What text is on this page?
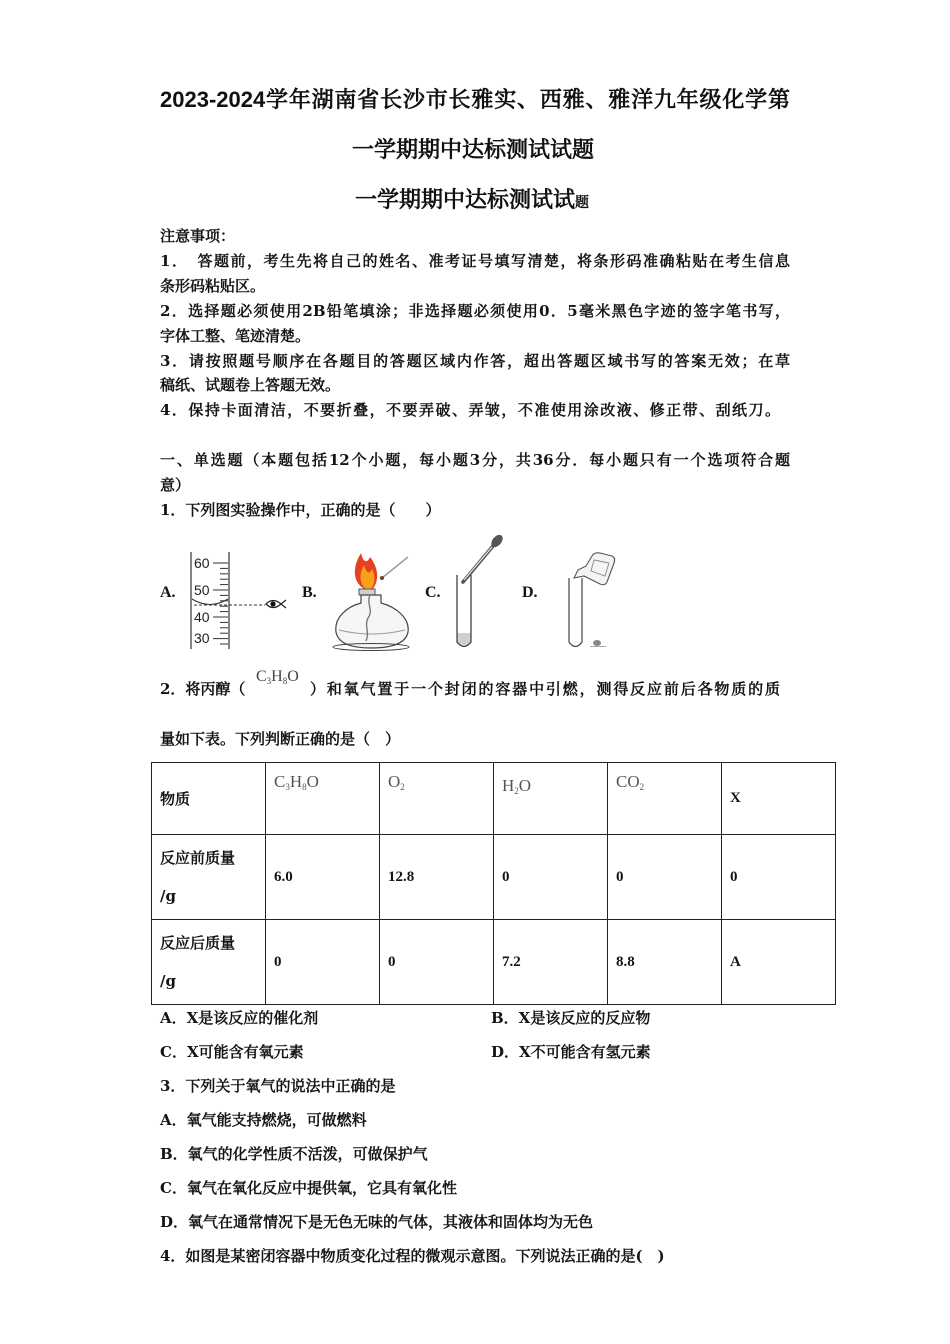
2023-2024学年湖南省长沙市长雅实、西雅、雅洋九年级化学第
一学期期中达标测试试题
一学期期中达标测试试题
注意事项：
1．　答题前，考生先将自己的姓名、准考证号填写清楚，将条形码准确粘贴在考生信息
条形码粘贴区。
2．选择题必须使用2B铅笔填涂；非选择题必须使用0．5毫米黑色字迹的签字笔书写，
字体工整、笔迹清楚。
3．请按照题号顺序在各题目的答题区域内作答，超出答题区域书写的答案无效；在草
稿纸、试题卷上答题无效。
4．保持卡面清洁，不要折叠，不要弄破、弄皱，不准使用涂改液、修正带、刮纸刀。
一、单选题（本题包括12个小题，每小题3分，共36分．每小题只有一个选项符合题
意）
1．下列图实验操作中，正确的是（　　）
A.	B.	C.	D.
60
50
40
30
2．将丙醇（
$C_3H_8O$
）和氧气置于一个封闭的容器中引燃，测得反应前后各物质的质
量如下表。下列判断正确的是（　）
物质	$C_3H_8O$	$O_2$	$H_2O$	$CO_2$	X

反应前质量
/g	6.0	12.8	0	0	0

反应后质量
/g	0	0	7.2	8.8	A
A．X是该反应的催化剂	B．X是该反应的反应物
C．X可能含有氧元素	D．X不可能含有氢元素
3．下列关于氧气的说法中正确的是
A．氧气能支持燃烧，可做燃料
B．氧气的化学性质不活泼，可做保护气
C．氧气在氧化反应中提供氧，它具有氧化性
D．氧气在通常情况下是无色无味的气体，其液体和固体均为无色
4．如图是某密闭容器中物质变化过程的微观示意图。下列说法正确的是(　)
